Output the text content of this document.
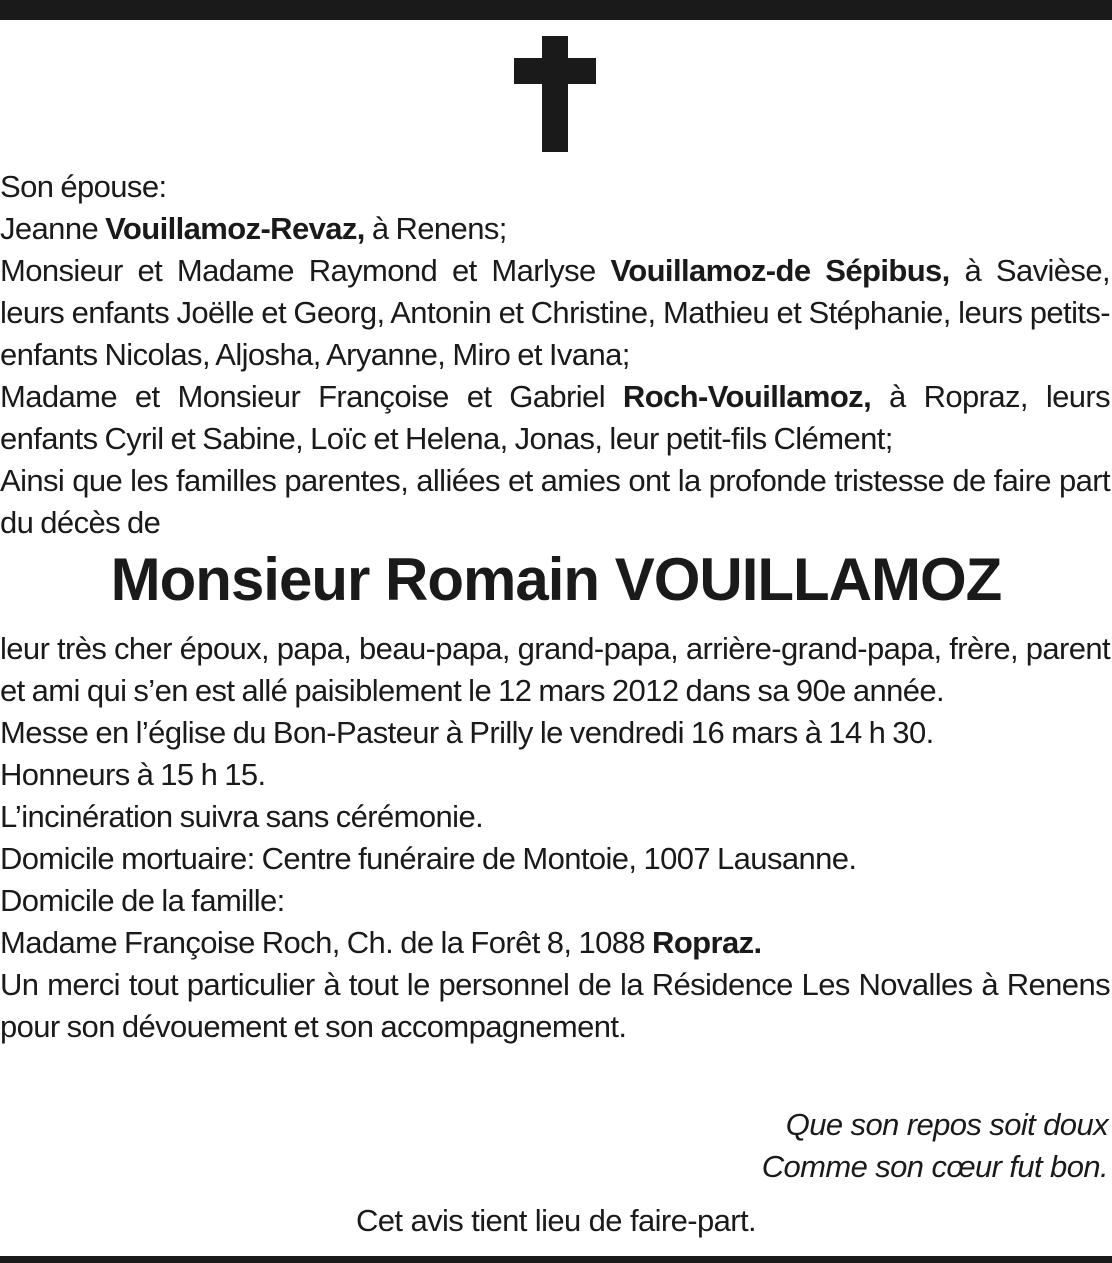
Son épouse:
Jeanne Vouillamoz-Revaz, à Renens;
Monsieur et Madame Raymond et Marlyse Vouillamoz-de Sépibus, à Savièse, leurs enfants Joëlle et Georg, Antonin et Christine, Mathieu et Stéphanie, leurs petits-enfants Nicolas, Aljosha, Aryanne, Miro et Ivana;
Madame et Monsieur Françoise et Gabriel Roch-Vouillamoz, à Ropraz, leurs enfants Cyril et Sabine, Loïc et Helena, Jonas, leur petit-fils Clément;
Ainsi que les familles parentes, alliées et amies ont la profonde tristesse de faire part du décès de
Monsieur Romain VOUILLAMOZ
leur très cher époux, papa, beau-papa, grand-papa, arrière-grand-papa, frère, parent et ami qui s’en est allé paisiblement le 12 mars 2012 dans sa 90e année.
Messe en l’église du Bon-Pasteur à Prilly le vendredi 16 mars à 14 h 30.
Honneurs à 15 h 15.
L’incinération suivra sans cérémonie.
Domicile mortuaire: Centre funéraire de Montoie, 1007 Lausanne.
Domicile de la famille:
Madame Françoise Roch, Ch. de la Forêt 8, 1088 Ropraz.
Un merci tout particulier à tout le personnel de la Résidence Les Novalles à Renens pour son dévouement et son accompagnement.
Que son repos soit doux
Comme son cœur fut bon.
Cet avis tient lieu de faire-part.
